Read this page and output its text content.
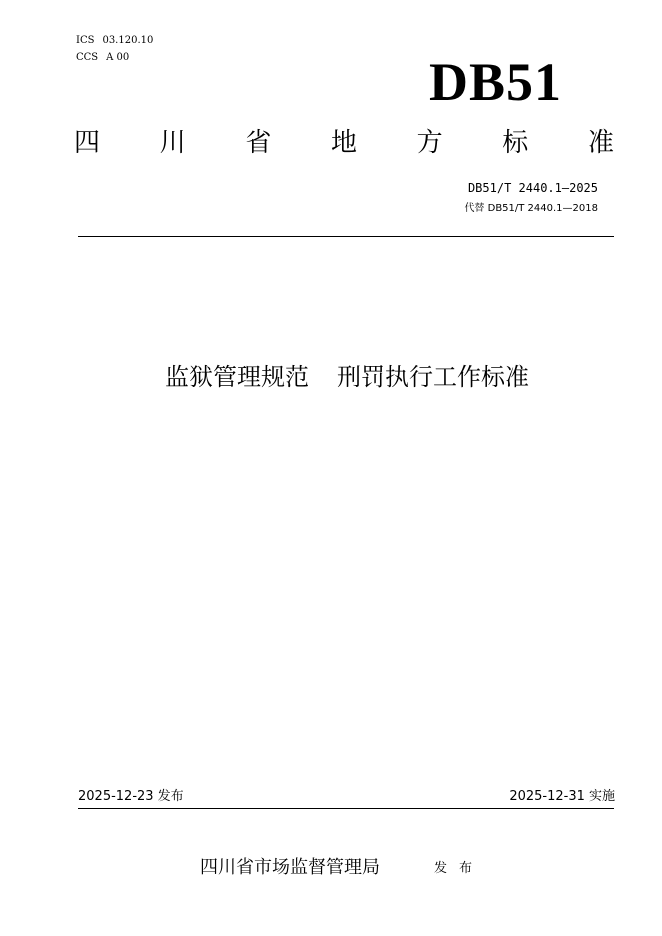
ICS 03.120.10
CCS A 00	DB51
四 川 省 地 方 标 准
DB51/T 2440.1—2025
代替 DB51/T 2440.1—2018
监狱管理规范 刑罚执行工作标准
2025-12-23 发布	2025-12-31 实施
四川省市场监督管理局	发布
